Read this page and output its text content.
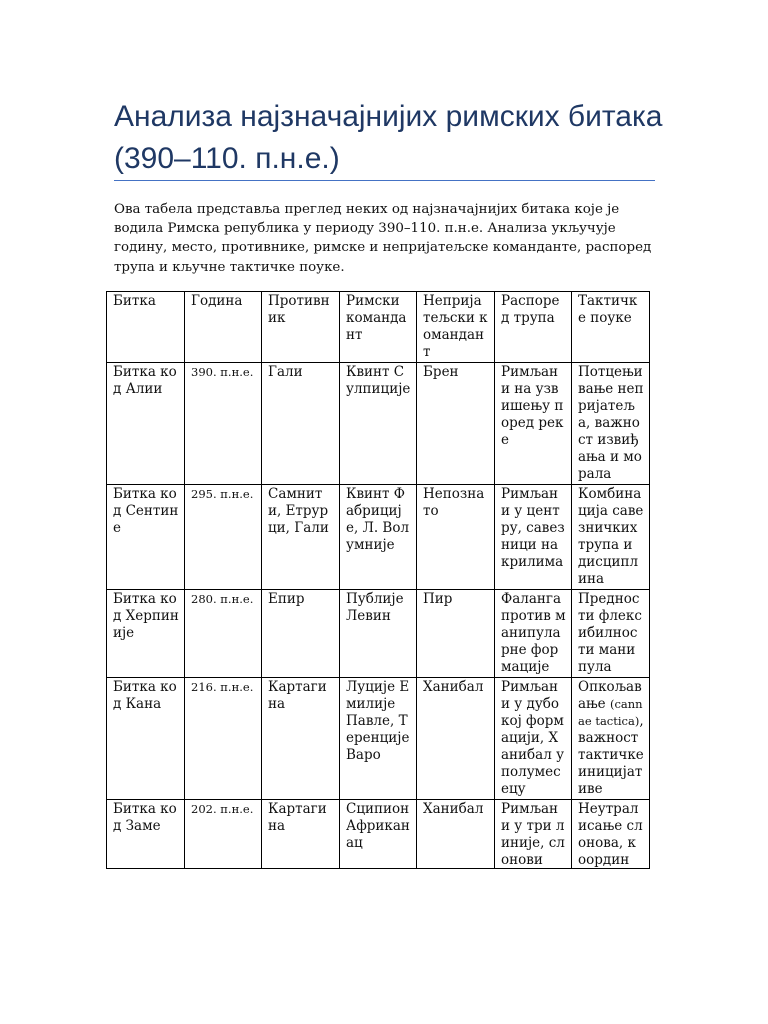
Анализа најзначајнијих римских битака (390–110. п.н.е.)

Ова табела представља преглед неких од најзначајнијих битака које је водила Римска република у периоду 390–110. п.н.е. Анализа укључује годину, место, противнике, римске и непријатељске команданте, распоред трупа и кључне тактичке поуке.

Битка	Година	Противник	Римски командант	Непријатељски командант	Распоред трупа	Тактичке поуке
Битка код Алии	390. п.н.е.	Гали	Квинт Сулпиције	Брен	Римљани на узвишењу поред реке	Потцењивање непријатеља, важност извиђања и морала
Битка код Сентине	295. п.н.е.	Самнити, Етрурци, Гали	Квинт Фабриције, Л. Волумније	Непознато	Римљани у центру, савезници на крилима	Комбинација савезничких трупа и дисциплина
Битка код Херпиније	280. п.н.е.	Епир	Публије Левин	Пир	Фаланга против манипуларне формације	Предности флексибилности манипула
Битка код Кана	216. п.н.е.	Картагина	Луције Емилије Павле, Теренције Варо	Ханибал	Римљани у дубокој формацији, Ханибал у полумесецу	Опкољавање (cannae tactica), важност тактичке иницијативе

Битка код Заме	202. п.н.е.	Картагина	Сципион Африканац	Ханибал	Римљани у три линије, слонови	Неутралисање слонова, координ
